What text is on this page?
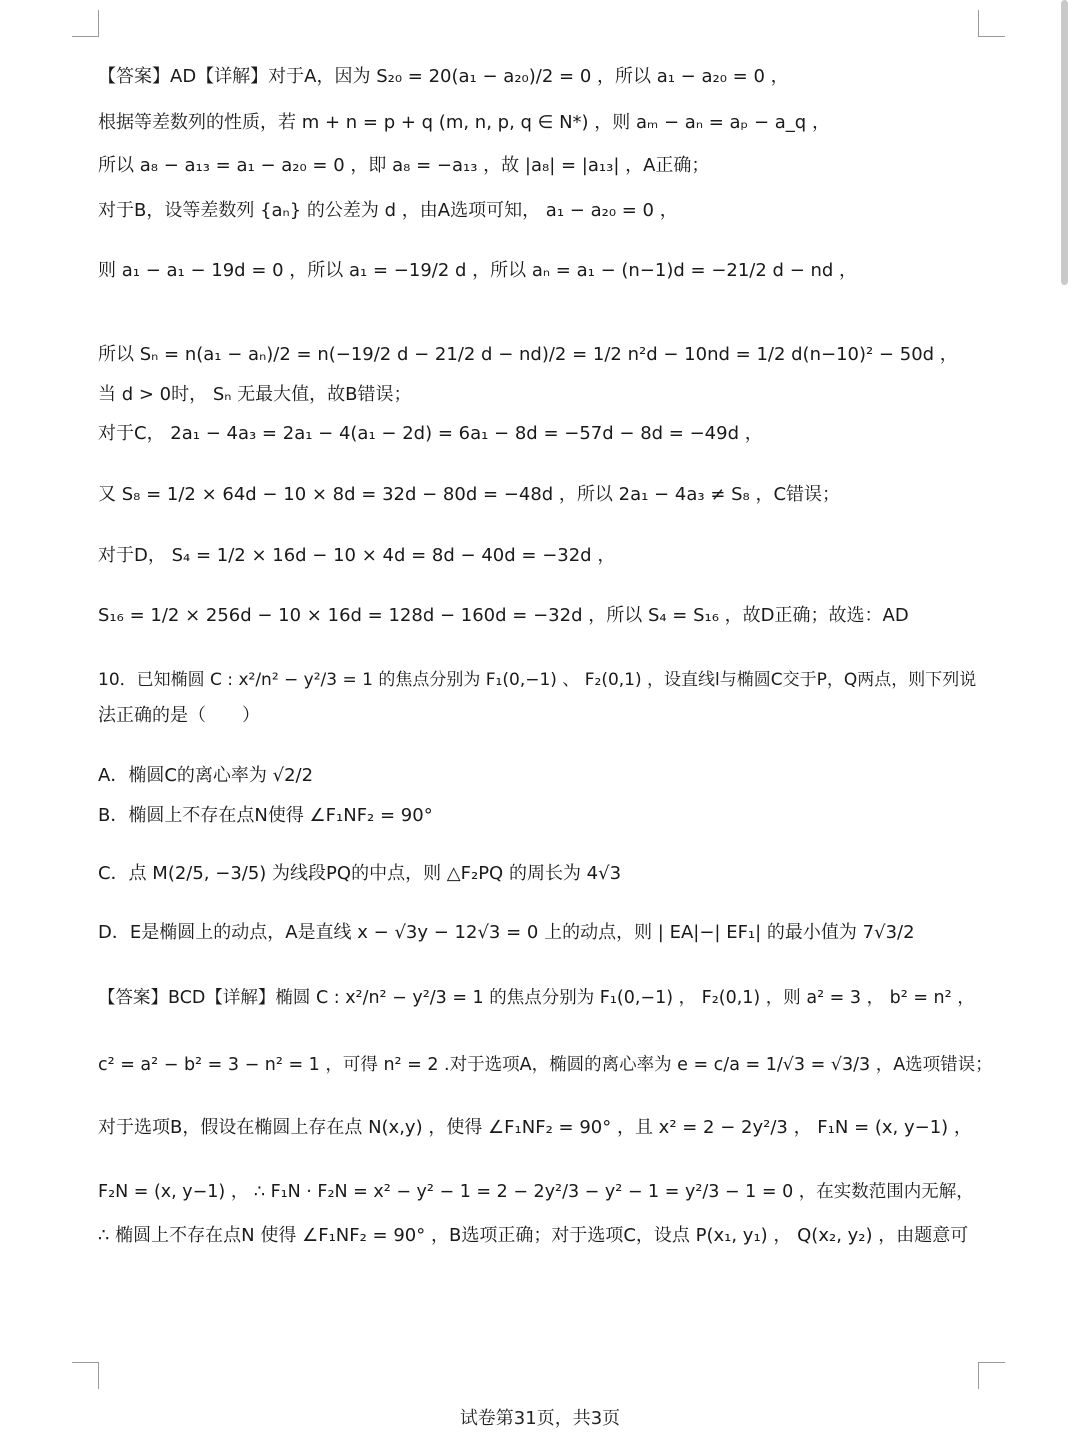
【答案】AD【详解】对于A，因为 S₂₀ = 20(a₁ − a₂₀)/2 = 0 ，所以 a₁ − a₂₀ = 0 ，
根据等差数列的性质，若 m + n = p + q (m, n, p, q ∈ N*) ，则 aₘ − aₙ = aₚ − a_q ，
所以 a₈ − a₁₃ = a₁ − a₂₀ = 0 ，即 a₈ = −a₁₃ ，故 |a₈| = |a₁₃| ，A正确；
对于B，设等差数列 {aₙ} 的公差为 d ，由A选项可知， a₁ − a₂₀ = 0 ，
则 a₁ − a₁ − 19d = 0 ，所以 a₁ = −19/2 d ，所以 aₙ = a₁ − (n−1)d = −21/2 d − nd ，
所以 Sₙ = n(a₁ − aₙ)/2 = n(−19/2 d − 21/2 d − nd)/2 = 1/2 n²d − 10nd = 1/2 d(n−10)² − 50d ，
当 d > 0时， Sₙ 无最大值，故B错误；
对于C， 2a₁ − 4a₃ = 2a₁ − 4(a₁ − 2d) = 6a₁ − 8d = −57d − 8d = −49d ，
又 S₈ = 1/2 × 64d − 10 × 8d = 32d − 80d = −48d ，所以 2a₁ − 4a₃ ≠ S₈ ，C错误；
对于D， S₄ = 1/2 × 16d − 10 × 4d = 8d − 40d = −32d ，
S₁₆ = 1/2 × 256d − 10 × 16d = 128d − 160d = −32d ，所以 S₄ = S₁₆ ，故D正确；故选：AD
10．已知椭圆 C : x²/n² − y²/3 = 1 的焦点分别为 F₁(0,−1) 、 F₂(0,1) ，设直线l与椭圆C交于P，Q两点，则下列说
法正确的是（　　）
A．椭圆C的离心率为 √2/2
B．椭圆上不存在点N使得 ∠F₁NF₂ = 90°
C．点 M(2/5, −3/5) 为线段PQ的中点，则 △F₂PQ 的周长为 4√3
D．E是椭圆上的动点，A是直线 x − √3y − 12√3 = 0 上的动点，则 | EA|−| EF₁| 的最小值为 7√3/2
【答案】BCD【详解】椭圆 C : x²/n² − y²/3 = 1 的焦点分别为 F₁(0,−1) ， F₂(0,1) ，则 a² = 3 ， b² = n² ，
c² = a² − b² = 3 − n² = 1 ，可得 n² = 2 .对于选项A，椭圆的离心率为 e = c/a = 1/√3 = √3/3 ，A选项错误；
对于选项B，假设在椭圆上存在点 N(x,y) ，使得 ∠F₁NF₂ = 90° ，且 x² = 2 − 2y²/3 ， F₁N = (x, y−1) ，
F₂N = (x, y−1) ， ∴ F₁N · F₂N = x² − y² − 1 = 2 − 2y²/3 − y² − 1 = y²/3 − 1 = 0 ，在实数范围内无解，
∴ 椭圆上不存在点N 使得 ∠F₁NF₂ = 90° ，B选项正确；对于选项C，设点 P(x₁, y₁) ， Q(x₂, y₂) ，由题意可
试卷第31页，共3页
